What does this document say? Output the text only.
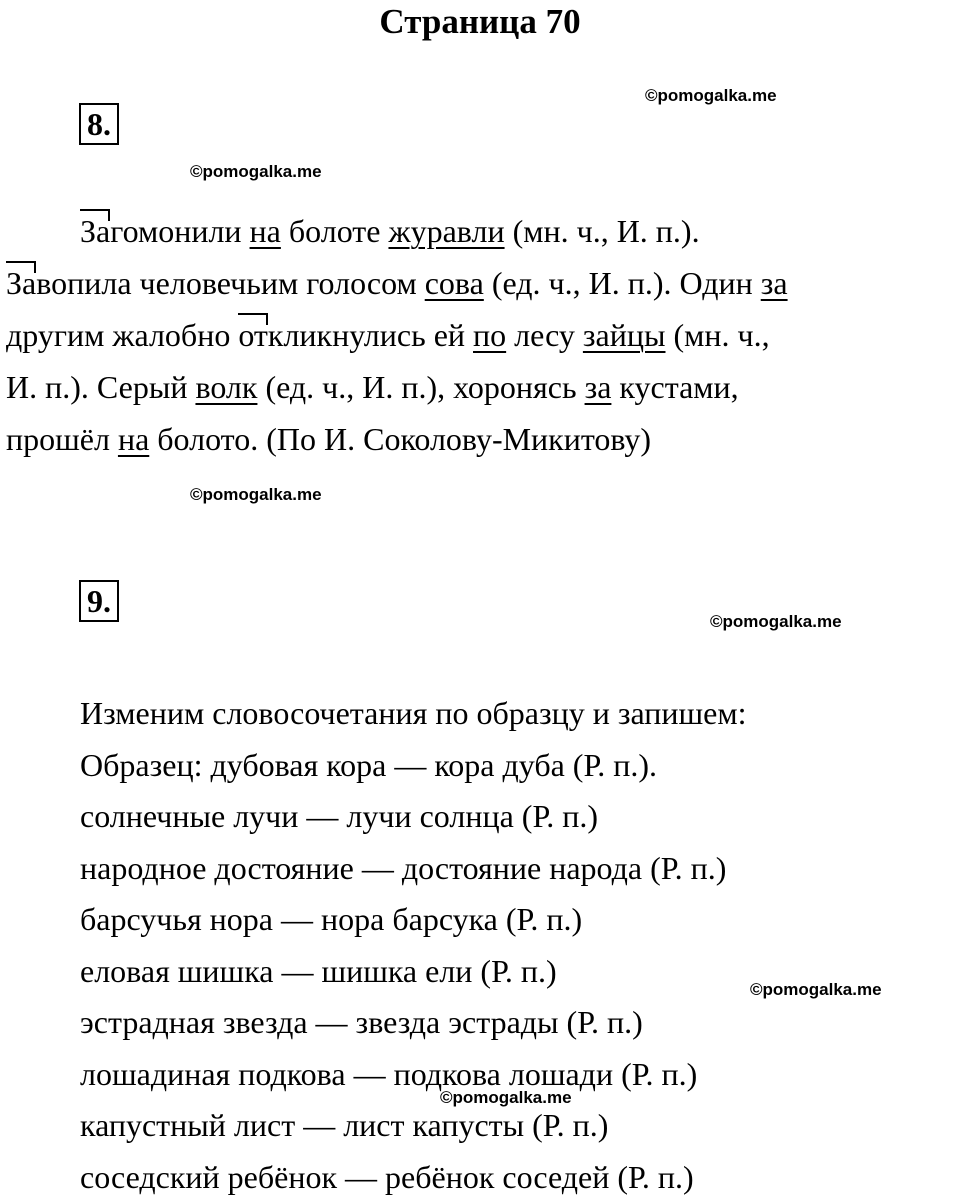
Страница 70
©pomogalka.me
©pomogalka.me
©pomogalka.me
©pomogalka.me
©pomogalka.me
©pomogalka.me
8.
Загомонили на болоте журавли (мн. ч., И. п.).
Завопила человечьим голосом сова (ед. ч., И. п.). Один за
другим жалобно откликнулись ей по лесу зайцы (мн. ч.,
И. п.). Серый волк (ед. ч., И. п.), хоронясь за кустами,
прошёл на болото. (По И. Соколову-Микитову)
9.
Изменим словосочетания по образцу и запишем:
Образец: дубовая кора — кора дуба (Р. п.).
солнечные лучи — лучи солнца (Р. п.)
народное достояние — достояние народа (Р. п.)
барсучья нора — нора барсука (Р. п.)
еловая шишка — шишка ели (Р. п.)
эстрадная звезда — звезда эстрады (Р. п.)
лошадиная подкова — подкова лошади (Р. п.)
капустный лист — лист капусты (Р. п.)
соседский ребёнок — ребёнок соседей (Р. п.)
